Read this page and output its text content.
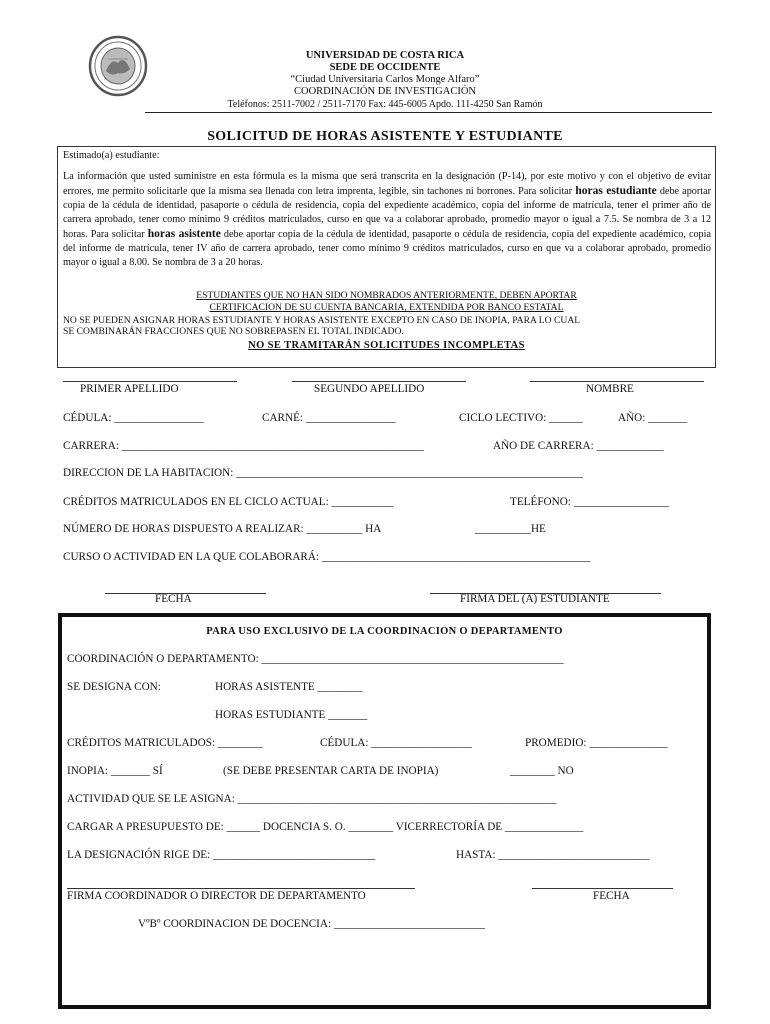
UNIVERSIDAD DE COSTA RICA
SEDE DE OCCIDENTE
“Ciudad Universitaria Carlos Monge Alfaro”
COORDINACIÓN DE INVESTIGACIÓN
Teléfonos: 2511-7002 / 2511-7170 Fax: 445-6005 Apdo. 111-4250 San Ramón
SOLICITUD DE HORAS ASISTENTE Y ESTUDIANTE
Estimado(a) estudiante:
La información que usted suministre en esta fórmula es la misma que será transcrita en la designación (P-14), por este motivo y con el objetivo de evitar errores, me permito solicitarle que la misma sea llenada con letra imprenta, legible, sin tachones ni borrones. Para solicitar horas estudiante debe aportar copia de la cédula de identidad, pasaporte o cédula de residencia, copia del expediente académico, copia del informe de matrícula, tener el primer año de carrera aprobado, tener como mínimo 9 créditos matriculados, curso en que va a colaborar aprobado, promedio mayor o igual a 7.5. Se nombra de 3 a 12 horas. Para solicitar horas asistente debe aportar copia de la cédula de identidad, pasaporte o cédula de residencia, copia del expediente académico, copia del informe de matrícula, tener IV año de carrera aprobado, tener como mínimo 9 créditos matriculados, curso en que va a colaborar aprobado, promedio mayor o igual a 8.00. Se nombra de 3 a 20 horas.
ESTUDIANTES QUE NO HAN SIDO NOMBRADOS ANTERIORMENTE, DEBEN APORTAR
CERTIFICACION DE SU CUENTA BANCARIA, EXTENDIDA POR BANCO ESTATAL
NO SE PUEDEN ASIGNAR HORAS ESTUDIANTE Y HORAS ASISTENTE EXCEPTO EN CASO DE INOPIA, PARA LO CUAL
SE COMBINARÁN FRACCIONES QUE NO SOBREPASEN EL TOTAL INDICADO.
NO SE TRAMITARÁN SOLICITUDES INCOMPLETAS
PRIMER APELLIDO	SEGUNDO APELLIDO	NOMBRE
CÉDULA: ________________	CARNÉ: ________________	CICLO LECTIVO: ______	AÑO: _______
CARRERA: ______________________________________________________	AÑO DE CARRERA: ____________
DIRECCION DE LA HABITACION: ______________________________________________________________
CRÉDITOS MATRICULADOS EN EL CICLO ACTUAL: ___________	TELÉFONO: _________________
NÚMERO DE HORAS DISPUESTO A REALIZAR: __________ HA	__________HE
CURSO O ACTIVIDAD EN LA QUE COLABORARÁ: ________________________________________________
FECHA	FIRMA DEL (A) ESTUDIANTE
PARA USO EXCLUSIVO DE LA COORDINACION O DEPARTAMENTO
COORDINACIÓN O DEPARTAMENTO: ______________________________________________________
SE DESIGNA CON:	HORAS ASISTENTE ________
HORAS ESTUDIANTE _______
CRÉDITOS MATRICULADOS: ________	CÉDULA: __________________	PROMEDIO: ______________
INOPIA: _______ SÍ	(SE DEBE PRESENTAR CARTA DE INOPIA)	________ NO
ACTIVIDAD QUE SE LE ASIGNA: _________________________________________________________
CARGAR A PRESUPUESTO DE: ______ DOCENCIA S. O. ________ VICERRECTORÍA DE ______________
LA DESIGNACIÓN RIGE DE: _____________________________	HASTA: ___________________________
FIRMA COORDINADOR O DIRECTOR DE DEPARTAMENTO	FECHA
VºBº COORDINACION DE DOCENCIA: ___________________________
